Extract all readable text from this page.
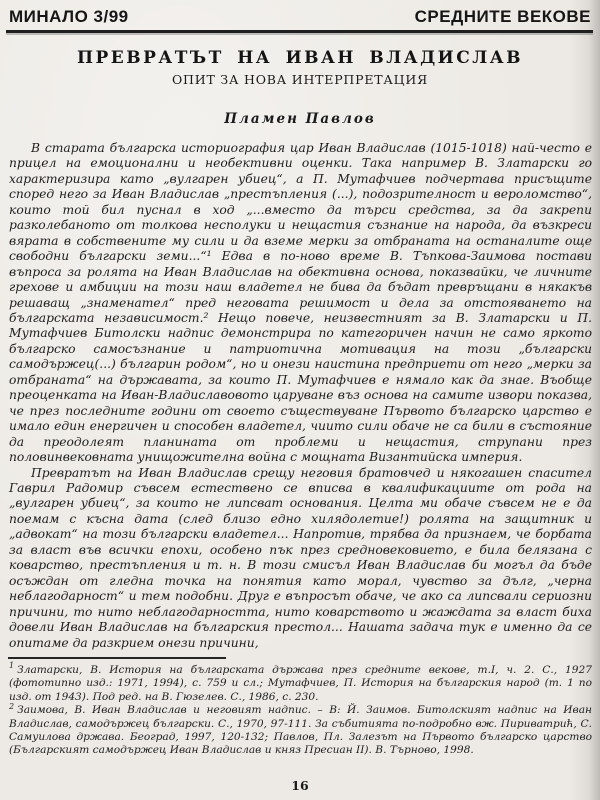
МИНАЛО 3/99	СРЕДНИТЕ ВЕКОВЕ
ПРЕВРАТЪТ НА ИВАН ВЛАДИСЛАВ
ОПИТ ЗА НОВА ИНТЕРПРЕТАЦИЯ
Пламен Павлов

В старата българска историография цар Иван Владислав (1015-1018) най-често е прицел на емоционални и необективни оценки. Така например В. Златарски го характеризира като „вулгарен убиец“, а П. Мутафчиев подчертава присъщите според него за Иван Владислав „престъпления (...), подозрителност и вероломство“, които той бил пуснал в ход „...вместо да търси средства, за да закрепи разколебаното от толкова несполуки и нещастия съзнание на народа, да възкреси вярата в собствените му сили и да вземе мерки за отбраната на останалите още свободни български земи...“¹ Едва в по-ново време В. Тъпкова-Заимова постави въпроса за ролята на Иван Владислав на обективна основа, показвайки, че личните грехове и амбиции на този наш владетел не бива да бъдат превръщани в някакъв решаващ „знаменател“ пред неговата решимост и дела за отстояването на българската независимост.² Нещо повече, неизвестният за В. Златарски и П. Мутафчиев Битолски надпис демонстрира по категоричен начин не само яркото българско самосъзнание и патриотична мотивация на този „български самодържец(...) българин родом“, но и онези наистина предприети от него „мерки за отбраната“ на държавата, за които П. Мутафчиев е нямало как да знае. Въобще преоценката на Иван-Владиславовото царуване въз основа на самите извори показва, че през последните години от своето съществуване Първото българско царство е имало един енергичен и способен владетел, чиито сили обаче не са били в състояние да преодолеят планината от проблеми и нещастия, струпани през половинвековната унищожителна война с мощната Византийска империя.

Превратът на Иван Владислав срещу неговия братовчед и някогашен спасител Гаврил Радомир съвсем естествено се вписва в квалификациите от рода на „вулгарен убиец“, за които не липсват основания. Целта ми обаче съвсем не е да поемам с късна дата (след близо едно хилядолетие!) ролята на защитник и „адвокат“ на този български владетел... Напротив, трябва да признаем, че борбата за власт във всички епохи, особено пък през средновековието, е била белязана с коварство, престъпления и т. н. В този смисъл Иван Владислав би могъл да бъде осъждан от гледна точка на понятия като морал, чувство за дълг, „черна неблагодарност“ и тем подобни. Друг е въпросът обаче, че ако са липсвали сериозни причини, то нито неблагодарността, нито коварството и жаждата за власт биха довели Иван Владислав на българския престол... Нашата задача тук е именно да се опитаме да разкрием онези причини,

$^1$ Златарски, В. История на българската държава през средните векове, т.I, ч. 2. С., 1927 (фототипно изд.: 1971, 1994), с. 759 и сл.; Мутафчиев, П. История на българския народ (т. 1 по изд. от 1943). Под ред. на В. Гюзелев. С., 1986, с. 230.

$^2$ Заимова, В. Иван Владислав и неговият надпис. – В: Й. Заимов. Битолският надпис на Иван Владислав, самодържец български. С., 1970, 97-111. За събитията по-подробно вж. Пириватрић, С. Самуилова држава. Београд, 1997, 120-132; Павлов, Пл. Залезът на Първото българско царство (Българският самодържец Иван Владислав и княз Пресиан II). В. Търново, 1998.

16
